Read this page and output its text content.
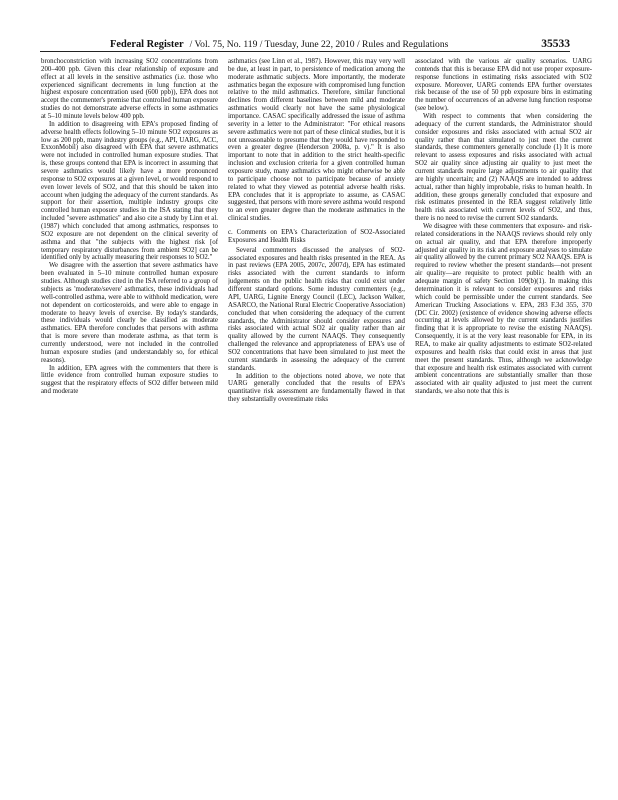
Federal Register / Vol. 75, No. 119 / Tuesday, June 22, 2010 / Rules and Regulations	35533

bronchoconstriction with increasing SO2 concentrations from 200–400 ppb. Given this clear relationship of exposure and effect at all levels in the sensitive asthmatics (i.e. those who experienced significant decrements in lung function at the highest exposure concentration used (600 ppb)), EPA does not accept the commenter's premise that controlled human exposure studies do not demonstrate adverse effects in some asthmatics at 5–10 minute levels below 400 ppb.

In addition to disagreeing with EPA's proposed finding of adverse health effects following 5–10 minute SO2 exposures as low as 200 ppb, many industry groups (e.g., API, UARG, ACC, ExxonMobil) also disagreed with EPA that severe asthmatics were not included in controlled human exposure studies. That is, these groups contend that EPA is incorrect in assuming that severe asthmatics would likely have a more pronounced response to SO2 exposures at a given level, or would respond to even lower levels of SO2, and that this should be taken into account when judging the adequacy of the current standards. As support for their assertion, multiple industry groups cite controlled human exposure studies in the ISA stating that they included "severe asthmatics" and also cite a study by Linn et al. (1987) which concluded that among asthmatics, responses to SO2 exposure are not dependent on the clinical severity of asthma and that "the subjects with the highest risk [of temporary respiratory disturbances from ambient SO2] can be identified only by actually measuring their responses to SO2."

We disagree with the assertion that severe asthmatics have been evaluated in 5–10 minute controlled human exposure studies. Although studies cited in the ISA referred to a group of subjects as 'moderate/severe' asthmatics, these individuals had well-controlled asthma, were able to withhold medication, were not dependent on corticosteroids, and were able to engage in moderate to heavy levels of exercise. By today's standards, these individuals would clearly be classified as moderate asthmatics. EPA therefore concludes that persons with asthma that is more severe than moderate asthma, as that term is currently understood, were not included in the controlled human exposure studies (and understandably so, for ethical reasons).

In addition, EPA agrees with the commenters that there is little evidence from controlled human exposure studies to suggest that the respiratory effects of SO2 differ between mild and moderate

asthmatics (see Linn et al., 1987). However, this may very well be due, at least in part, to persistence of medication among the moderate asthmatic subjects. More importantly, the moderate asthmatics began the exposure with compromised lung function relative to the mild asthmatics. Therefore, similar functional declines from different baselines between mild and moderate asthmatics would clearly not have the same physiological importance. CASAC specifically addressed the issue of asthma severity in a letter to the Administrator: "For ethical reasons severe asthmatics were not part of these clinical studies, but it is not unreasonable to presume that they would have responded to even a greater degree (Henderson 2008a, p. v)." It is also important to note that in addition to the strict health-specific inclusion and exclusion criteria for a given controlled human exposure study, many asthmatics who might otherwise be able to participate choose not to participate because of anxiety related to what they viewed as potential adverse health risks. EPA concludes that it is appropriate to assume, as CASAC suggested, that persons with more severe asthma would respond to an even greater degree than the moderate asthmatics in the clinical studies.

c. Comments on EPA's Characterization of SO2-Associated Exposures and Health Risks

Several commenters discussed the analyses of SO2-associated exposures and health risks presented in the REA. As in past reviews (EPA 2005, 2007c, 2007d), EPA has estimated risks associated with the current standards to inform judgements on the public health risks that could exist under different standard options. Some industry commenters (e.g., API, UARG, Lignite Energy Council (LEC), Jackson Walker, ASARCO, the National Rural Electric Cooperative Association) concluded that when considering the adequacy of the current standards, the Administrator should consider exposures and risks associated with actual SO2 air quality rather than air quality allowed by the current NAAQS. They consequently challenged the relevance and appropriateness of EPA's use of SO2 concentrations that have been simulated to just meet the current standards in assessing the adequacy of the current standards.

In addition to the objections noted above, we note that UARG generally concluded that the results of EPA's quantitative risk assessment are fundamentally flawed in that they substantially overestimate risks

associated with the various air quality scenarios. UARG contends that this is because EPA did not use proper exposure-response functions in estimating risks associated with SO2 exposure. Moreover, UARG contends EPA further overstates risk because of the use of 50 ppb exposure bins in estimating the number of occurrences of an adverse lung function response (see below).

With respect to comments that when considering the adequacy of the current standards, the Administrator should consider exposures and risks associated with actual SO2 air quality rather than that simulated to just meet the current standards, these commenters generally conclude (1) It is more relevant to assess exposures and risks associated with actual SO2 air quality since adjusting air quality to just meet the current standards require large adjustments to air quality that are highly uncertain; and (2) NAAQS are intended to address actual, rather than highly improbable, risks to human health. In addition, these groups generally concluded that exposure and risk estimates presented in the REA suggest relatively little health risk associated with current levels of SO2, and thus, there is no need to revise the current SO2 standards.

We disagree with these commenters that exposure- and risk-related considerations in the NAAQS reviews should rely only on actual air quality, and that EPA therefore improperly adjusted air quality in its risk and exposure analyses to simulate air quality allowed by the current primary SO2 NAAQS. EPA is required to review whether the present standards—not present air quality—are requisite to protect public health with an adequate margin of safety Section 109(b)(1). In making this determination it is relevant to consider exposures and risks which could be permissible under the current standards. See American Trucking Associations v. EPA, 283 F.3d 355, 370 (DC Cir. 2002) (existence of evidence showing adverse effects occurring at levels allowed by the current standards justifies finding that it is appropriate to revise the existing NAAQS). Consequently, it is at the very least reasonable for EPA, in its REA, to make air quality adjustments to estimate SO2-related exposures and health risks that could exist in areas that just meet the present standards. Thus, although we acknowledge that exposure and health risk estimates associated with current ambient concentrations are substantially smaller than those associated with air quality adjusted to just meet the current standards, we also note that this is
